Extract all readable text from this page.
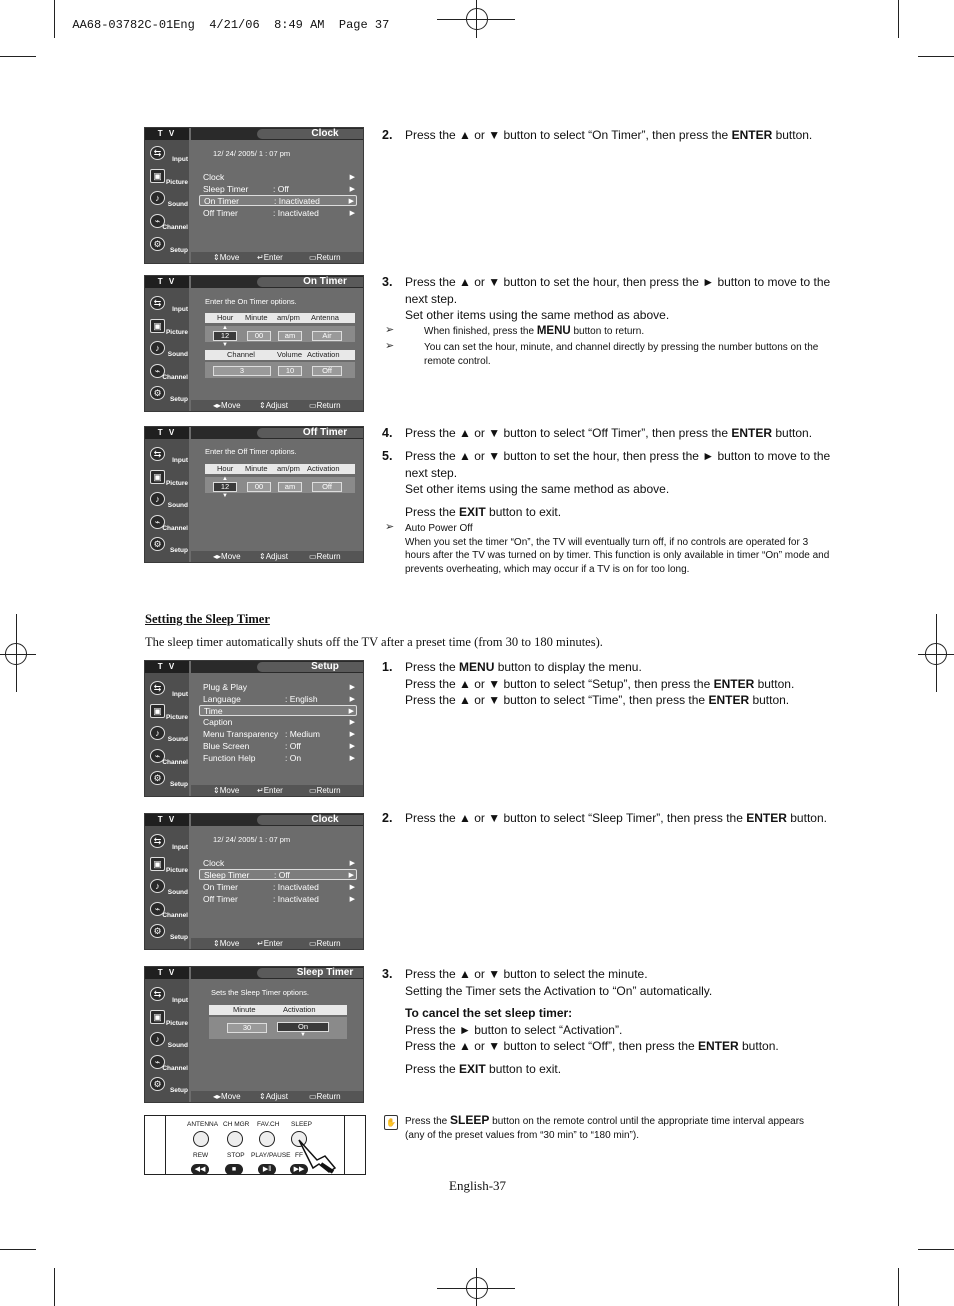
AA68-03782C-01Eng 4/21/06 8:49 AM Page 37

T V	Clock
⇆
Input
▣
Picture
♪
Sound
⌁
Channel
⚙
Setup
12/ 24/ 2005/ 1 : 07 pm
Clock	▶
Sleep Timer	: Off	▶
On Timer	: Inactivated	▶
Off Timer	: Inactivated	▶
⇕ Move ↵ Enter	▭ Return
T V	On Timer
⇆
Input
▣
Picture
♪
Sound
⌁
Channel
⚙
Setup
Enter the On Timer options.
Hour Minute am/pm Antenna
12	00	am	Air
▲
▼
Channel	Volume Activation
3	10	Off
◂▸ Move ⇕ Adjust	▭ Return
T V	Off Timer
⇆
Input
▣
Picture
♪
Sound
⌁
Channel
⚙
Setup
Enter the Off Timer options.
Hour Minute am/pm Activation
12	00	am	Off
▲
▼
◂▸ Move ⇕ Adjust	▭ Return
T V	Setup
⇆
Input
▣
Picture
♪
Sound
⌁
Channel
⚙
Setup
Plug & Play	▶
Language	: English	▶
Time	▶
Caption	▶
Menu Transparency : Medium	▶
Blue Screen	: Off	▶
Function Help	: On	▶
⇕ Move ↵ Enter	▭ Return
T V	Clock
⇆
Input
▣
Picture
♪
Sound
⌁
Channel
⚙
Setup
12/ 24/ 2005/ 1 : 07 pm
Clock	▶
Sleep Timer	: Off	▶
On Timer	: Inactivated	▶
Off Timer	: Inactivated	▶
⇕ Move ↵ Enter	▭ Return
T V	Sleep Timer
⇆
Input
▣
Picture
♪
Sound
⌁
Channel
⚙
Setup
Sets the Sleep Timer options.
Minute	Activation
30	On
▼
◂▸ Move ⇕ Adjust	▭ Return
ANTENNA CH MGR FAV.CH SLEEP
REW	STOP PLAY/PAUSE FF
◀◀	■	▶‖	▶▶
2. Press the ▲ or ▼ button to select “On Timer”, then press the ENTER button.
3. Press the ▲ or ▼ button to set the hour, then press the ► button to move to the
next step.
Set other items using the same method as above.
➢	When finished, press the MENU button to return.
➢	You can set the hour, minute, and channel directly by pressing the number buttons on the remote control.
4. Press the ▲ or ▼ button to select “Off Timer”, then press the ENTER button.
5. Press the ▲ or ▼ button to set the hour, then press the ► button to move to the
next step.
Set other items using the same method as above.
Press the EXIT button to exit.
➢ Auto Power Off
When you set the timer “On”, the TV will eventually turn off, if no controls are operated for 3 hours after the TV was turned on by timer. This function is only available in timer “On” mode and prevents overheating, which may occur if a TV is on for too long.
Setting the Sleep Timer
The sleep timer automatically shuts off the TV after a preset time (from 30 to 180 minutes).
1. Press the MENU button to display the menu.
Press the ▲ or ▼ button to select “Setup”, then press the ENTER button.
Press the ▲ or ▼ button to select “Time”, then press the ENTER button.
2. Press the ▲ or ▼ button to select “Sleep Timer”, then press the ENTER button.
3. Press the ▲ or ▼ button to select the minute.
Setting the Timer sets the Activation to “On” automatically.
To cancel the set sleep timer:
Press the ► button to select “Activation”.
Press the ▲ or ▼ button to select “Off”, then press the ENTER button.
Press the EXIT button to exit.
✋ Press the SLEEP button on the remote control until the appropriate time interval appears (any of the preset values from “30 min” to “180 min”).
English-37
